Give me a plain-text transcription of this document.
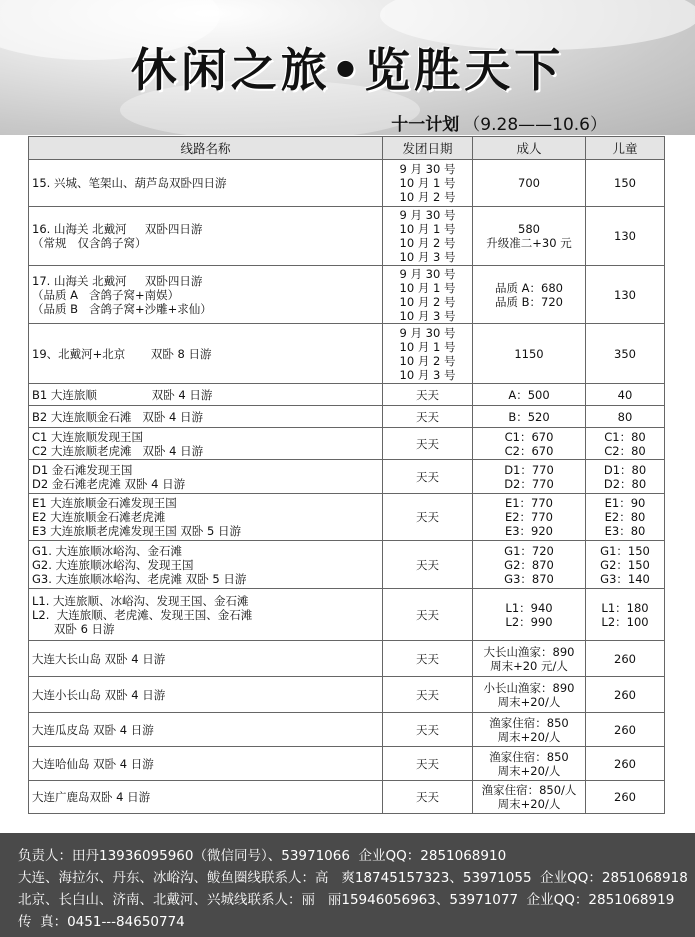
休闲之旅•览胜天下
十一计划 （9.28——10.6）
线路名称	发团日期	成人	儿童

15. 兴城、笔架山、葫芦岛双卧四日游	9 月 30 号
10 月 1 号
10 月 2 号	700	150

16. 山海关 北戴河     双卧四日游
（常规   仅含鸽子窝）	9 月 30 号
10 月 1 号
10 月 2 号
10 月 3 号	580
升级准二+30 元	130

17. 山海关 北戴河     双卧四日游
（品质 A   含鸽子窝+南娱）
（品质 B   含鸽子窝+沙雕+求仙）	9 月 30 号
10 月 1 号
10 月 2 号
10 月 3 号	品质 A：680
品质 B：720	130

19、北戴河+北京       双卧 8 日游	9 月 30 号
10 月 1 号
10 月 2 号
10 月 3 号	1150	350

B1 大连旅顺               双卧 4 日游	天天	A：500	40

B2 大连旅顺金石滩   双卧 4 日游	天天	B：520	80

C1 大连旅顺发现王国
C2 大连旅顺老虎滩   双卧 4 日游	天天	C1：670
C2：670	C1：80
C2：80

D1 金石滩发现王国
D2 金石滩老虎滩 双卧 4 日游	天天	D1：770
D2：770	D1：80
D2：80

E1 大连旅顺金石滩发现王国
E2 大连旅顺金石滩老虎滩
E3 大连旅顺老虎滩发现王国 双卧 5 日游	天天	E1：770
E2：770
E3：920	E1：90
E2：80
E3：80

G1. 大连旅顺冰峪沟、金石滩
G2. 大连旅顺冰峪沟、发现王国
G3. 大连旅顺冰峪沟、老虎滩 双卧 5 日游	天天	G1：720
G2：870
G3：870	G1：150
G2：150
G3：140

L1. 大连旅顺、冰峪沟、发现王国、金石滩
L2.  大连旅顺、老虎滩、发现王国、金石滩
双卧 6 日游	天天	L1：940
L2：990	L1：180
L2：100

大连大长山岛 双卧 4 日游	天天	大长山渔家：890
周末+20 元/人	260

大连小长山岛 双卧 4 日游	天天	小长山渔家：890
周末+20/人	260

大连瓜皮岛 双卧 4 日游	天天	渔家住宿：850
周末+20/人	260

大连哈仙岛 双卧 4 日游	天天	渔家住宿：850
周末+20/人	260

大连广鹿岛双卧 4 日游	天天	渔家住宿：850/人
周末+20/人	260
负责人：田丹13936095960（微信同号）、53971066  企业QQ：2851068910
大连、海拉尔、丹东、冰峪沟、鲅鱼圈线联系人：高   爽18745157323、53971055  企业QQ：2851068918
北京、长白山、济南、北戴河、兴城线联系人：丽   丽15946056963、53971077  企业QQ：2851068919
传  真：0451---84650774
